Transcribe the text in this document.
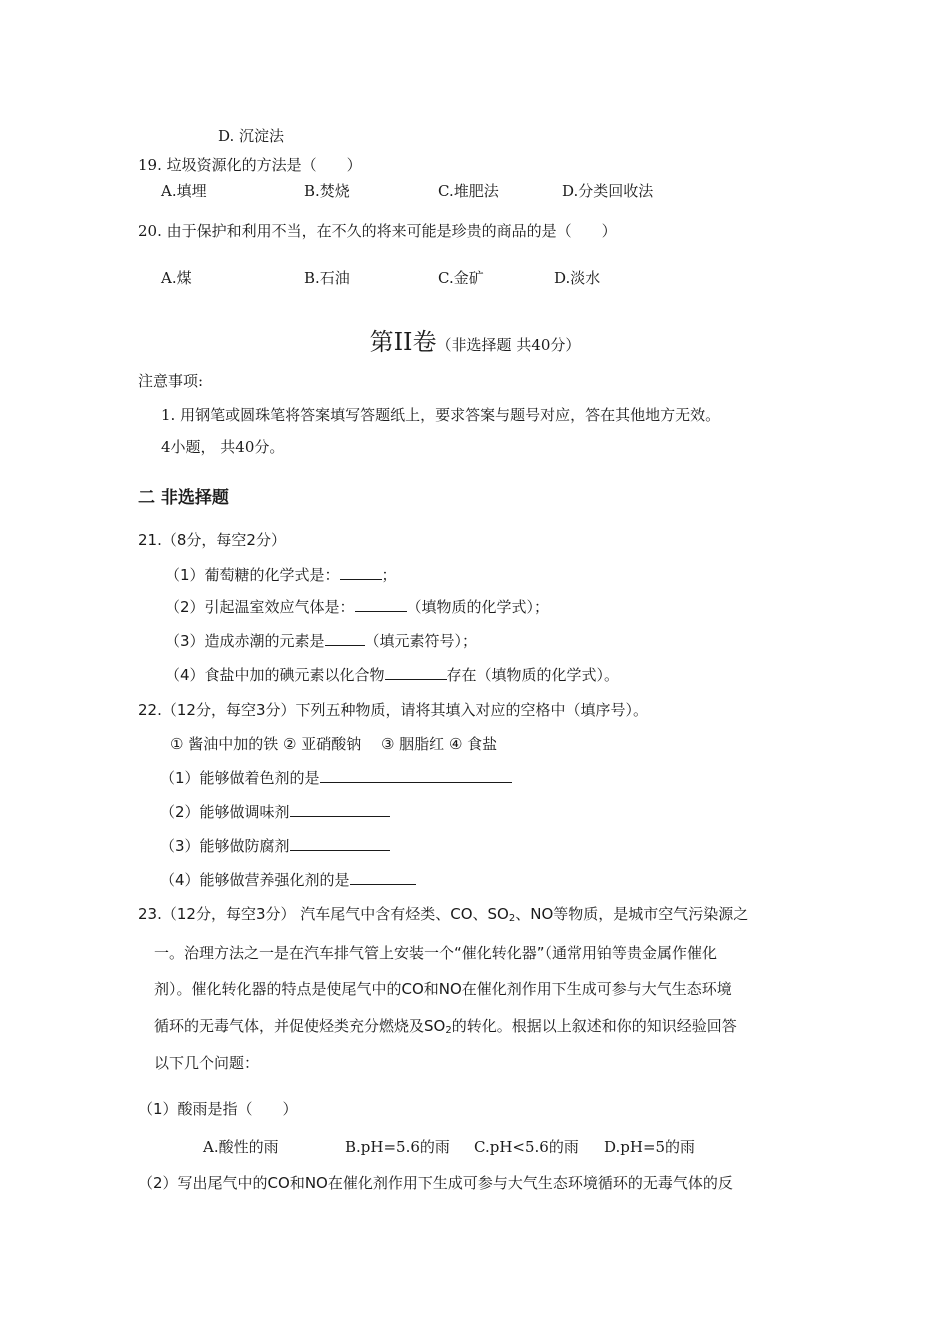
D. 沉淀法
19. 垃圾资源化的方法是（　　）
A.填埋	B.焚烧	C.堆肥法	D.分类回收法
20. 由于保护和利用不当，在不久的将来可能是珍贵的商品的是（　　）
A.煤	B.石油	C.金矿	D.淡水
第II卷（非选择题 共40分）
注意事项:
1. 用钢笔或圆珠笔将答案填写答题纸上，要求答案与题号对应，答在其他地方无效。
4小题， 共40分。
二 非选择题
21.（8分，每空2分）
（1）葡萄糖的化学式是：	；
（2）引起温室效应气体是：	（填物质的化学式）；
（3）造成赤潮的元素是	（填元素符号）；
（4）食盐中加的碘元素以化合物	存在（填物质的化学式）。
22.（12分，每空3分）下列五种物质，请将其填入对应的空格中（填序号）。
① 酱油中加的铁 ② 亚硝酸钠　 ③ 胭脂红 ④ 食盐
（1）能够做着色剂的是
（2）能够做调味剂
（3）能够做防腐剂
（4）能够做营养强化剂的是
23.（12分，每空3分） 汽车尾气中含有烃类、CO、$SO_2$、NO等物质，是城市空气污染源之
一。治理方法之一是在汽车排气管上安装一个“催化转化器”（通常用铂等贵金属作催化
剂）。催化转化器的特点是使尾气中的CO和NO在催化剂作用下生成可参与大气生态环境
循环的无毒气体，并促使烃类充分燃烧及$SO_2$的转化。根据以上叙述和你的知识经验回答
以下几个问题：
（1）酸雨是指（　　）
A.酸性的雨	B.pH=5.6的雨 C.pH<5.6的雨 D.pH=5的雨
（2）写出尾气中的CO和NO在催化剂作用下生成可参与大气生态环境循环的无毒气体的反
